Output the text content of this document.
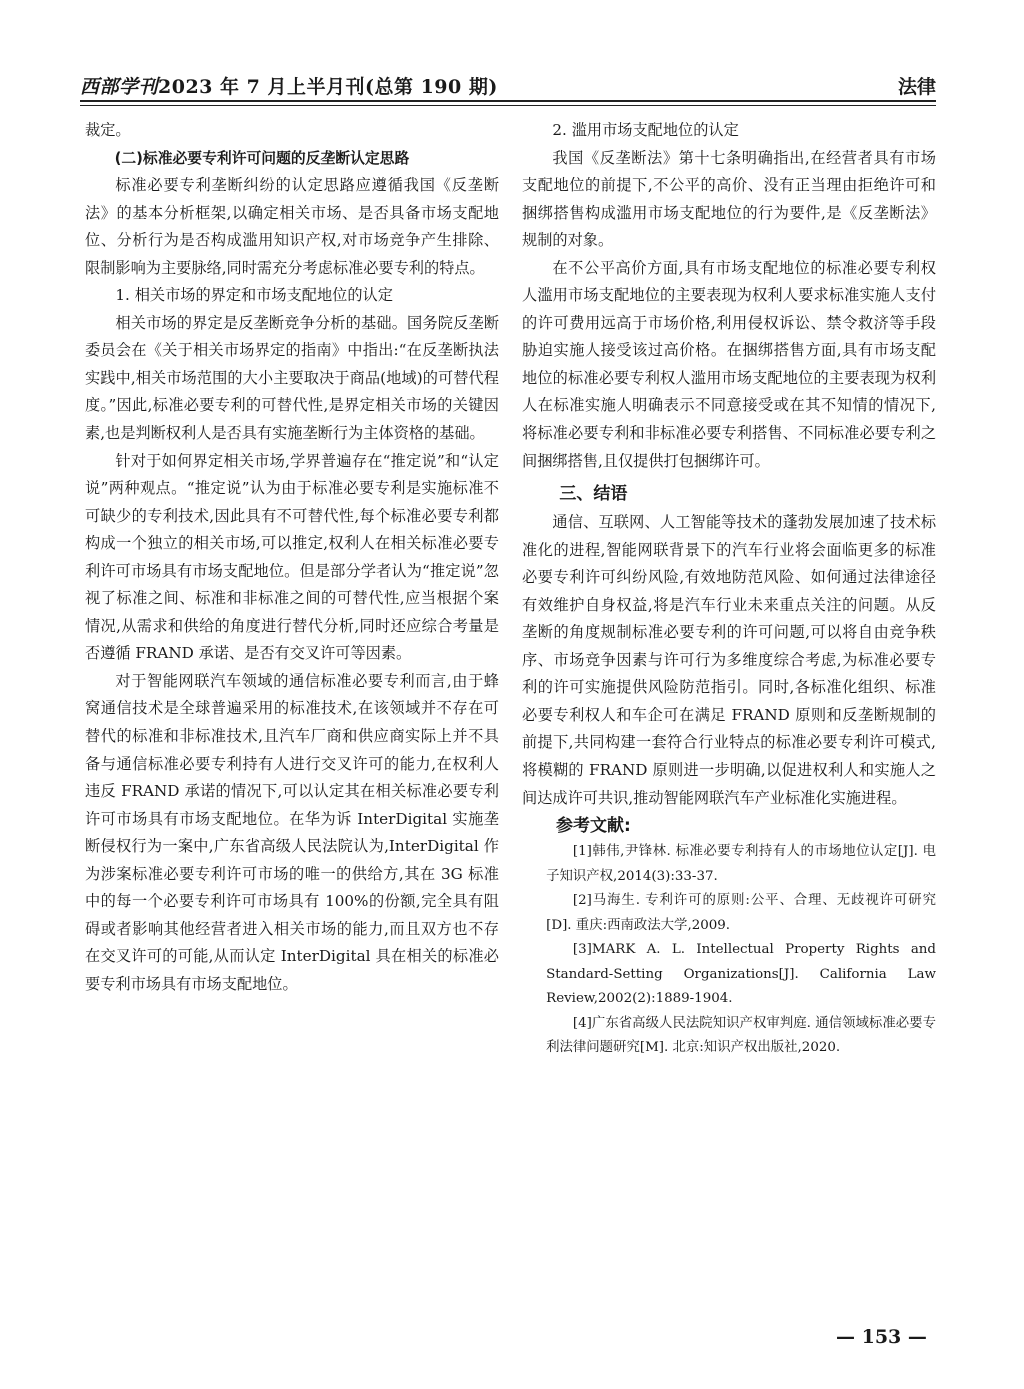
西部学刊2023 年 7 月上半月刊(总第 190 期)	法律

裁定。

(二)标准必要专利许可问题的反垄断认定思路

标准必要专利垄断纠纷的认定思路应遵循我国《反垄断法》的基本分析框架,以确定相关市场、是否具备市场支配地位、分析行为是否构成滥用知识产权,对市场竞争产生排除、限制影响为主要脉络,同时需充分考虑标准必要专利的特点。

1. 相关市场的界定和市场支配地位的认定

相关市场的界定是反垄断竞争分析的基础。国务院反垄断委员会在《关于相关市场界定的指南》中指出:“在反垄断执法实践中,相关市场范围的大小主要取决于商品(地域)的可替代程度。”因此,标准必要专利的可替代性,是界定相关市场的关键因素,也是判断权利人是否具有实施垄断行为主体资格的基础。

针对于如何界定相关市场,学界普遍存在“推定说”和“认定说”两种观点。“推定说”认为由于标准必要专利是实施标准不可缺少的专利技术,因此具有不可替代性,每个标准必要专利都构成一个独立的相关市场,可以推定,权利人在相关标准必要专利许可市场具有市场支配地位。但是部分学者认为“推定说”忽视了标准之间、标准和非标准之间的可替代性,应当根据个案情况,从需求和供给的角度进行替代分析,同时还应综合考量是否遵循 FRAND 承诺、是否有交叉许可等因素。

对于智能网联汽车领域的通信标准必要专利而言,由于蜂窝通信技术是全球普遍采用的标准技术,在该领域并不存在可替代的标准和非标准技术,且汽车厂商和供应商实际上并不具备与通信标准必要专利持有人进行交叉许可的能力,在权利人违反 FRAND 承诺的情况下,可以认定其在相关标准必要专利许可市场具有市场支配地位。在华为诉 InterDigital 实施垄断侵权行为一案中,广东省高级人民法院认为,InterDigital 作为涉案标准必要专利许可市场的唯一的供给方,其在 3G 标准中的每一个必要专利许可市场具有 100%的份额,完全具有阻碍或者影响其他经营者进入相关市场的能力,而且双方也不存在交叉许可的可能,从而认定 InterDigital 具在相关的标准必要专利市场具有市场支配地位。

2. 滥用市场支配地位的认定

我国《反垄断法》第十七条明确指出,在经营者具有市场支配地位的前提下,不公平的高价、没有正当理由拒绝许可和捆绑搭售构成滥用市场支配地位的行为要件,是《反垄断法》规制的对象。

在不公平高价方面,具有市场支配地位的标准必要专利权人滥用市场支配地位的主要表现为权利人要求标准实施人支付的许可费用远高于市场价格,利用侵权诉讼、禁令救济等手段胁迫实施人接受该过高价格。在捆绑搭售方面,具有市场支配地位的标准必要专利权人滥用市场支配地位的主要表现为权利人在标准实施人明确表示不同意接受或在其不知情的情况下,将标准必要专利和非标准必要专利搭售、不同标准必要专利之间捆绑搭售,且仅提供打包捆绑许可。

三、结语

通信、互联网、人工智能等技术的蓬勃发展加速了技术标准化的进程,智能网联背景下的汽车行业将会面临更多的标准必要专利许可纠纷风险,有效地防范风险、如何通过法律途径有效维护自身权益,将是汽车行业未来重点关注的问题。从反垄断的角度规制标准必要专利的许可问题,可以将自由竞争秩序、市场竞争因素与许可行为多维度综合考虑,为标准必要专利的许可实施提供风险防范指引。同时,各标准化组织、标准必要专利权人和车企可在满足 FRAND 原则和反垄断规制的前提下,共同构建一套符合行业特点的标准必要专利许可模式,将模糊的 FRAND 原则进一步明确,以促进权利人和实施人之间达成许可共识,推动智能网联汽车产业标准化实施进程。

参考文献:

[1]韩伟,尹锋林. 标准必要专利持有人的市场地位认定[J]. 电子知识产权,2014(3):33-37.

[2]马海生. 专利许可的原则:公平、合理、无歧视许可研究[D]. 重庆:西南政法大学,2009.

[3]MARK A. L. Intellectual Property Rights and Standard-Setting Organizations[J]. California Law Review,2002(2):1889-1904.

[4]广东省高级人民法院知识产权审判庭. 通信领域标准必要专利法律问题研究[M]. 北京:知识产权出版社,2020.

— 153 —
